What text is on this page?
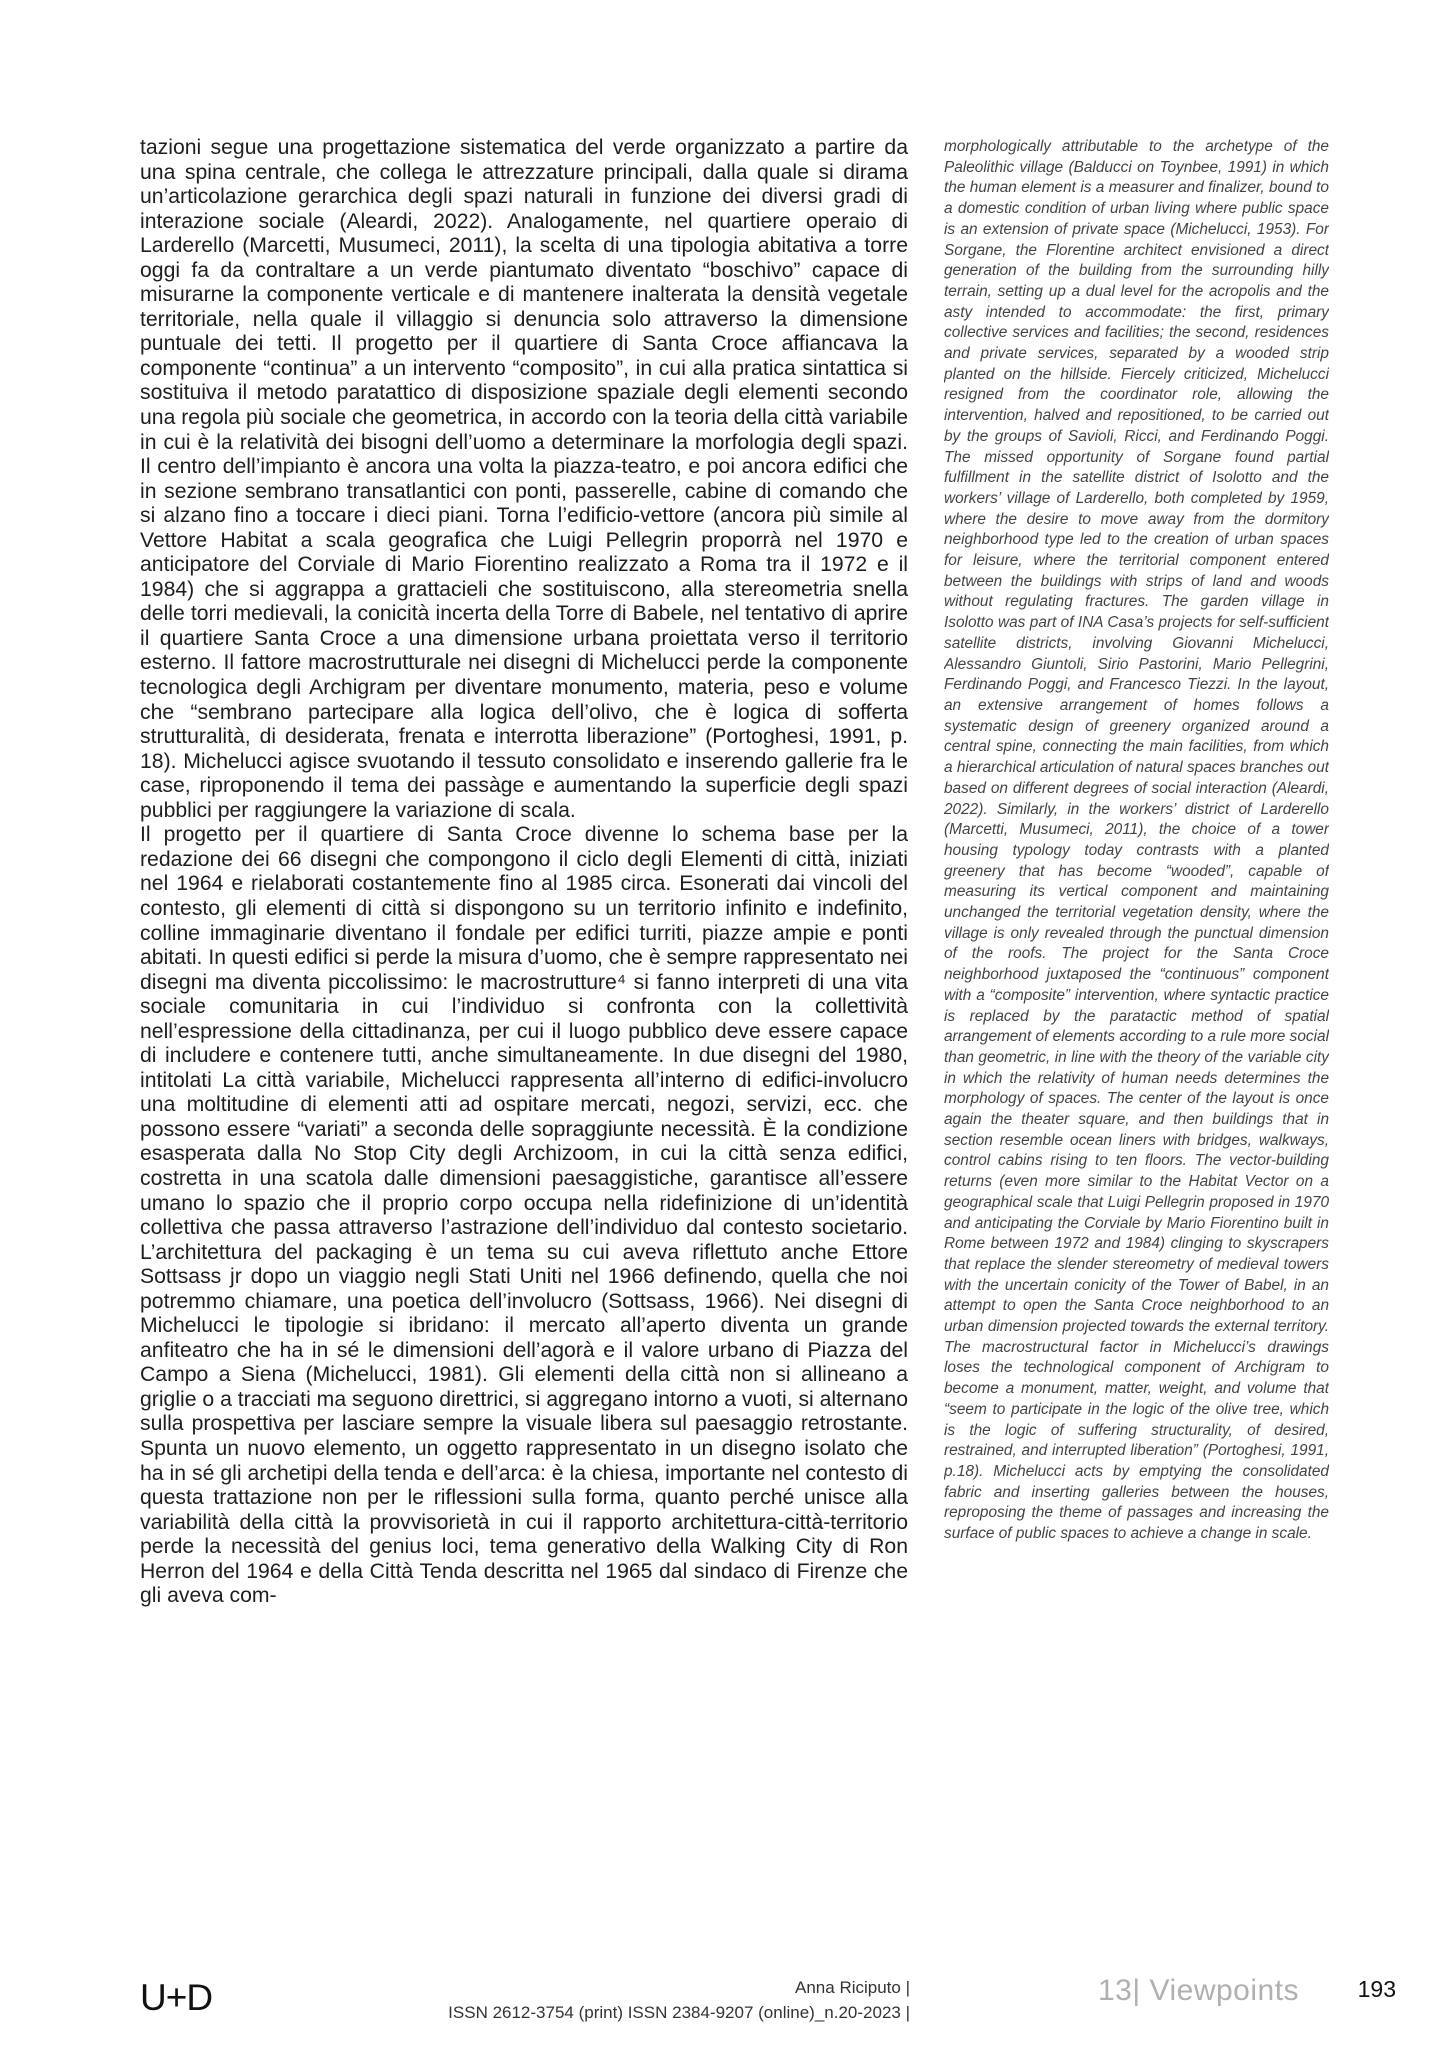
tazioni segue una progettazione sistematica del verde organizzato a partire da una spina centrale, che collega le attrezzature principali, dalla quale si dirama un’articolazione gerarchica degli spazi naturali in funzione dei diversi gradi di interazione sociale (Aleardi, 2022). Analogamente, nel quartiere operaio di Larderello (Marcetti, Musumeci, 2011), la scelta di una tipologia abitativa a torre oggi fa da contraltare a un verde piantumato diventato “boschivo” capace di misurarne la componente verticale e di mantenere inalterata la densità vegetale territoriale, nella quale il villaggio si denuncia solo attraverso la dimensione puntuale dei tetti. Il progetto per il quartiere di Santa Croce affiancava la componente “continua” a un intervento “composito”, in cui alla pratica sintattica si sostituiva il metodo paratattico di disposizione spaziale degli elementi secondo una regola più sociale che geometrica, in accordo con la teoria della città variabile in cui è la relatività dei bisogni dell’uomo a determinare la morfologia degli spazi. Il centro dell’impianto è ancora una volta la piazza-teatro, e poi ancora edifici che in sezione sembrano transatlantici con ponti, passerelle, cabine di comando che si alzano fino a toccare i dieci piani. Torna l’edificio-vettore (ancora più simile al Vettore Habitat a scala geografica che Luigi Pellegrin proporrà nel 1970 e anticipatore del Corviale di Mario Fiorentino realizzato a Roma tra il 1972 e il 1984) che si aggrappa a grattacieli che sostituiscono, alla stereometria snella delle torri medievali, la conicità incerta della Torre di Babele, nel tentativo di aprire il quartiere Santa Croce a una dimensione urbana proiettata verso il territorio esterno. Il fattore macrostrutturale nei disegni di Michelucci perde la componente tecnologica degli Archigram per diventare monumento, materia, peso e volume che “sembrano partecipare alla logica dell’olivo, che è logica di sofferta strutturalità, di desiderata, frenata e interrotta liberazione” (Portoghesi, 1991, p. 18). Michelucci agisce svuotando il tessuto consolidato e inserendo gallerie fra le case, riproponendo il tema dei passàge e aumentando la superficie degli spazi pubblici per raggiungere la variazione di scala.

Il progetto per il quartiere di Santa Croce divenne lo schema base per la redazione dei 66 disegni che compongono il ciclo degli Elementi di città, iniziati nel 1964 e rielaborati costantemente fino al 1985 circa. Esonerati dai vincoli del contesto, gli elementi di città si dispongono su un territorio infinito e indefinito, colline immaginarie diventano il fondale per edifici turriti, piazze ampie e ponti abitati. In questi edifici si perde la misura d’uomo, che è sempre rappresentato nei disegni ma diventa piccolissimo: le macrostrutture⁴ si fanno interpreti di una vita sociale comunitaria in cui l’individuo si confronta con la collettività nell’espressione della cittadinanza, per cui il luogo pubblico deve essere capace di includere e contenere tutti, anche simultaneamente. In due disegni del 1980, intitolati La città variabile, Michelucci rappresenta all’interno di edifici-involucro una moltitudine di elementi atti ad ospitare mercati, negozi, servizi, ecc. che possono essere “variati” a seconda delle sopraggiunte necessità. È la condizione esasperata dalla No Stop City degli Archizoom, in cui la città senza edifici, costretta in una scatola dalle dimensioni paesaggistiche, garantisce all’essere umano lo spazio che il proprio corpo occupa nella ridefinizione di un’identità collettiva che passa attraverso l’astrazione dell’individuo dal contesto societario. L’architettura del packaging è un tema su cui aveva riflettuto anche Ettore Sottsass jr dopo un viaggio negli Stati Uniti nel 1966 definendo, quella che noi potremmo chiamare, una poetica dell’involucro (Sottsass, 1966). Nei disegni di Michelucci le tipologie si ibridano: il mercato all’aperto diventa un grande anfiteatro che ha in sé le dimensioni dell’agorà e il valore urbano di Piazza del Campo a Siena (Michelucci, 1981). Gli elementi della città non si allineano a griglie o a tracciati ma seguono direttrici, si aggregano intorno a vuoti, si alternano sulla prospettiva per lasciare sempre la visuale libera sul paesaggio retrostante. Spunta un nuovo elemento, un oggetto rappresentato in un disegno isolato che ha in sé gli archetipi della tenda e dell’arca: è la chiesa, importante nel contesto di questa trattazione non per le riflessioni sulla forma, quanto perché unisce alla variabilità della città la provvisorietà in cui il rapporto architettura-città-territorio perde la necessità del genius loci, tema generativo della Walking City di Ron Herron del 1964 e della Città Tenda descritta nel 1965 dal sindaco di Firenze che gli aveva com-

morphologically attributable to the archetype of the Paleolithic village (Balducci on Toynbee, 1991) in which the human element is a measurer and finalizer, bound to a domestic condition of urban living where public space is an extension of private space (Michelucci, 1953). For Sorgane, the Florentine architect envisioned a direct generation of the building from the surrounding hilly terrain, setting up a dual level for the acropolis and the asty intended to accommodate: the first, primary collective services and facilities; the second, residences and private services, separated by a wooded strip planted on the hillside. Fiercely criticized, Michelucci resigned from the coordinator role, allowing the intervention, halved and repositioned, to be carried out by the groups of Savioli, Ricci, and Ferdinando Poggi. The missed opportunity of Sorgane found partial fulfillment in the satellite district of Isolotto and the workers’ village of Larderello, both completed by 1959, where the desire to move away from the dormitory neighborhood type led to the creation of urban spaces for leisure, where the territorial component entered between the buildings with strips of land and woods without regulating fractures. The garden village in Isolotto was part of INA Casa’s projects for self-sufficient satellite districts, involving Giovanni Michelucci, Alessandro Giuntoli, Sirio Pastorini, Mario Pellegrini, Ferdinando Poggi, and Francesco Tiezzi. In the layout, an extensive arrangement of homes follows a systematic design of greenery organized around a central spine, connecting the main facilities, from which a hierarchical articulation of natural spaces branches out based on different degrees of social interaction (Aleardi, 2022). Similarly, in the workers’ district of Larderello (Marcetti, Musumeci, 2011), the choice of a tower housing typology today contrasts with a planted greenery that has become “wooded”, capable of measuring its vertical component and maintaining unchanged the territorial vegetation density, where the village is only revealed through the punctual dimension of the roofs. The project for the Santa Croce neighborhood juxtaposed the “continuous” component with a “composite” intervention, where syntactic practice is replaced by the paratactic method of spatial arrangement of elements according to a rule more social than geometric, in line with the theory of the variable city in which the relativity of human needs determines the morphology of spaces. The center of the layout is once again the theater square, and then buildings that in section resemble ocean liners with bridges, walkways, control cabins rising to ten floors. The vector-building returns (even more similar to the Habitat Vector on a geographical scale that Luigi Pellegrin proposed in 1970 and anticipating the Corviale by Mario Fiorentino built in Rome between 1972 and 1984) clinging to skyscrapers that replace the slender stereometry of medieval towers with the uncertain conicity of the Tower of Babel, in an attempt to open the Santa Croce neighborhood to an urban dimension projected towards the external territory. The macrostructural factor in Michelucci’s drawings loses the technological component of Archigram to become a monument, matter, weight, and volume that “seem to participate in the logic of the olive tree, which is the logic of suffering structurality, of desired, restrained, and interrupted liberation” (Portoghesi, 1991, p.18). Michelucci acts by emptying the consolidated fabric and inserting galleries between the houses, reproposing the theme of passages and increasing the surface of public spaces to achieve a change in scale.

U+D	Anna Riciputo |
ISSN 2612-3754 (print) ISSN 2384-9207 (online)_n.20-2023 |
13| Viewpoints	193
